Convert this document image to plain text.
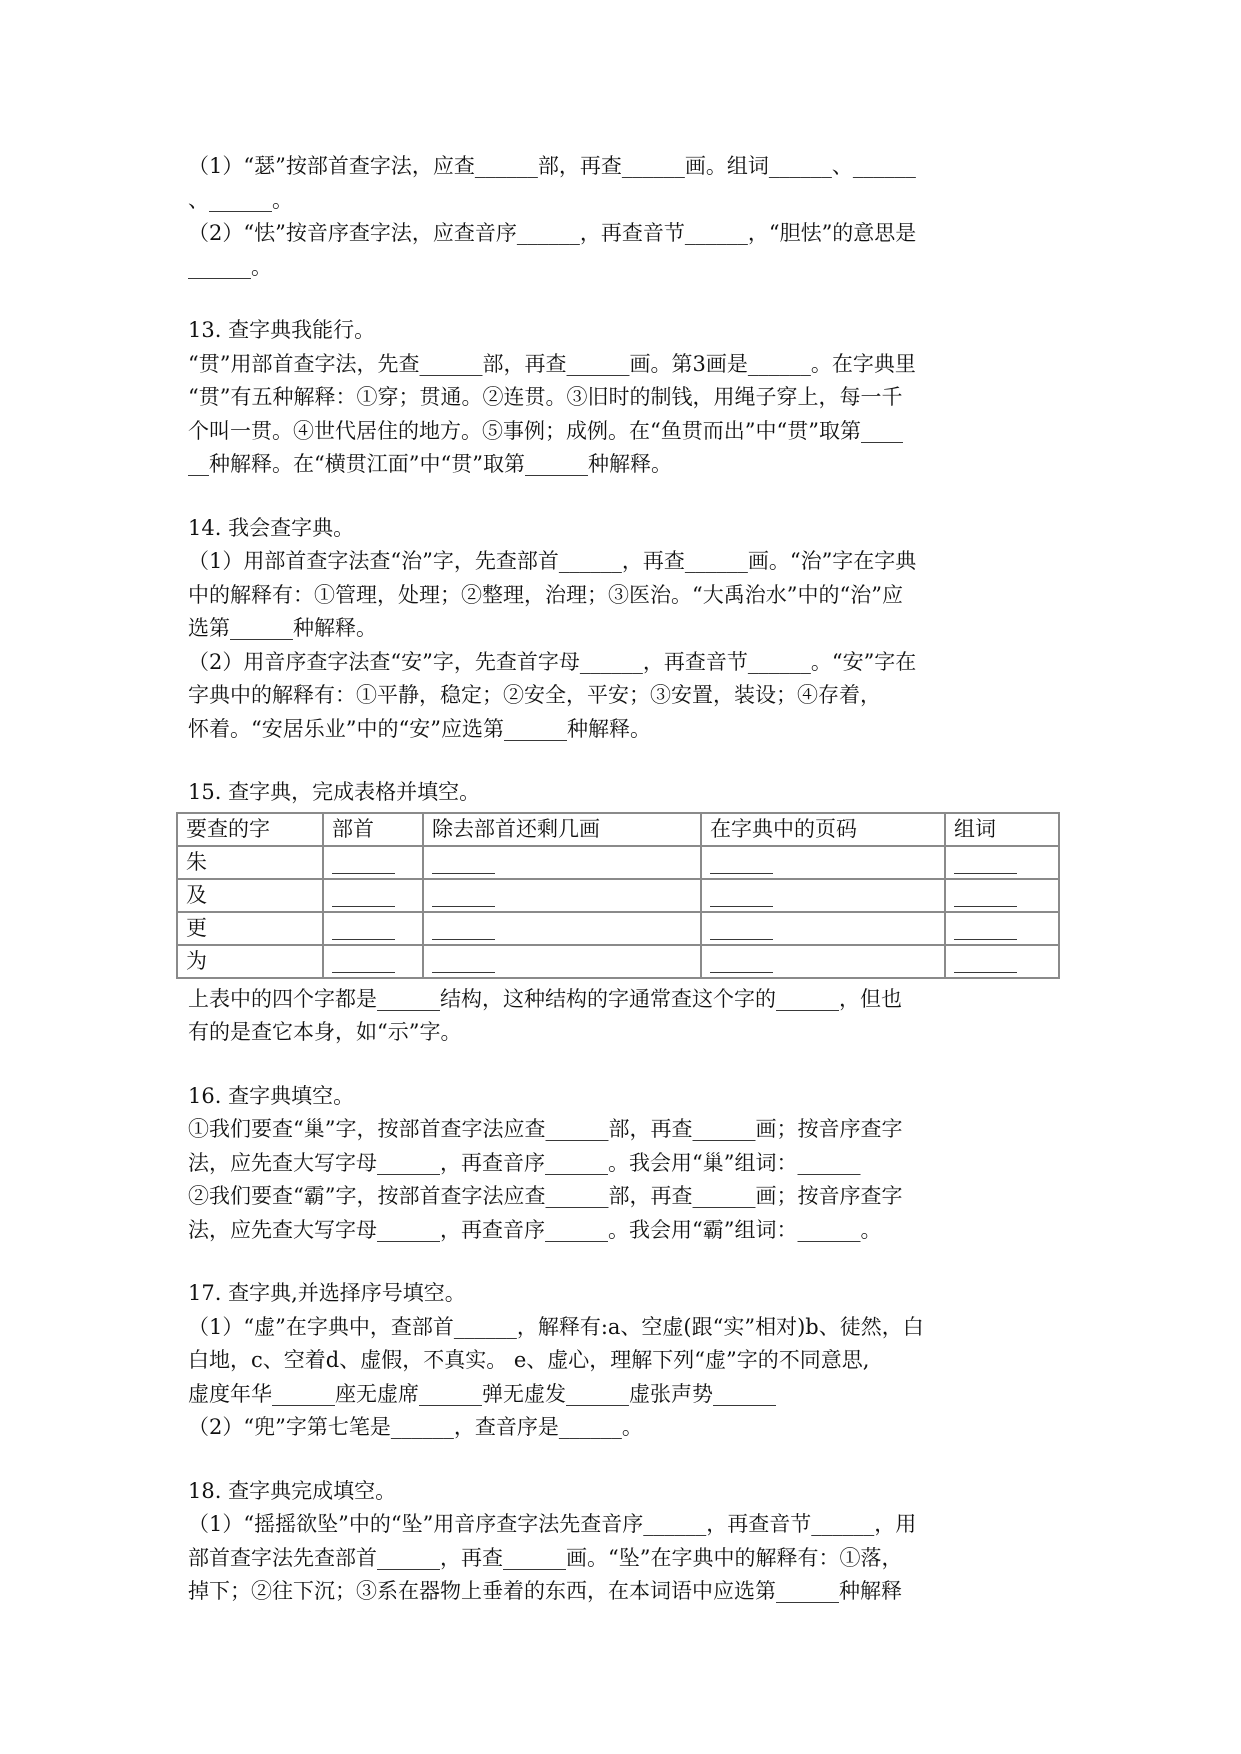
（1）“瑟”按部首查字法，应查______部，再查______画。组词______、______
、______。
（2）“怯”按音序查字法，应查音序______，再查音节______，“胆怯”的意思是
______。
13. 查字典我能行。
“贯”用部首查字法，先查______部，再查______画。第3画是______。在字典里
“贯”有五种解释：①穿；贯通。②连贯。③旧时的制钱，用绳子穿上，每一千
个叫一贯。④世代居住的地方。⑤事例；成例。在“鱼贯而出”中“贯”取第____
__种解释。在“横贯江面”中“贯”取第______种解释。
14. 我会查字典。
（1）用部首查字法查“治”字，先查部首______，再查______画。“治”字在字典
中的解释有：①管理，处理；②整理，治理；③医治。“大禹治水”中的“治”应
选第______种解释。
（2）用音序查字法查“安”字，先查首字母______，再查音节______。“安”字在
字典中的解释有：①平静，稳定；②安全，平安；③安置，装设；④存着，
怀着。“安居乐业”中的“安”应选第______种解释。
15. 查字典，完成表格并填空。
要查的字	部首	除去部首还剩几画	在字典中的页码	组词
朱	______	______	______	______
及	______	______	______	______
更	______	______	______	______
为	______	______	______	______
上表中的四个字都是______结构，这种结构的字通常查这个字的______，但也
有的是查它本身，如“示”字。
16. 查字典填空。
①我们要查“巢”字，按部首查字法应查______部，再查______画；按音序查字
法，应先查大写字母______，再查音序______。我会用“巢”组词：______
②我们要查“霸”字，按部首查字法应查______部，再查______画；按音序查字
法，应先查大写字母______，再查音序______。我会用“霸”组词：______。
17. 查字典,并选择序号填空。
（1）“虚”在字典中，查部首______，解释有:a、空虚(跟“实”相对)b、徒然，白
白地，c、空着d、虚假，不真实。 e、虚心，理解下列“虚”字的不同意思,
虚度年华______座无虚席______弹无虚发______虚张声势______
（2）“兜”字第七笔是______，查音序是______。
18. 查字典完成填空。
（1）“摇摇欲坠”中的“坠”用音序查字法先查音序______，再查音节______，用
部首查字法先查部首______，再查______画。“坠”在字典中的解释有：①落，
掉下；②往下沉；③系在器物上垂着的东西，在本词语中应选第______种解释
